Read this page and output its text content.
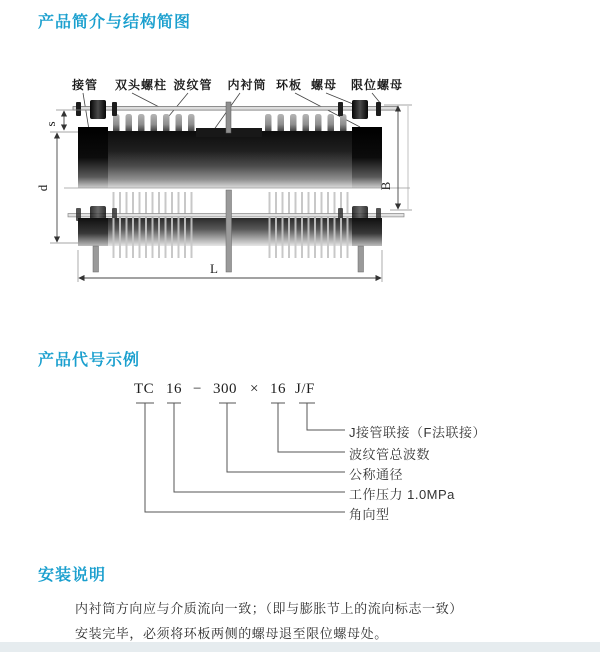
产品简介与结构简图
接管 双头螺柱 波纹管 内衬筒 环板 螺母 限位螺母
s
d	B
L
产品代号示例
TC 16 − 300 × 16 J/F
J接管联接（F法联接）
波纹管总波数
公称通径
工作压力 1.0MPa
角向型
安装说明
内衬筒方向应与介质流向一致；（即与膨胀节上的流向标志一致）
安装完毕，必须将环板两侧的螺母退至限位螺母处。
